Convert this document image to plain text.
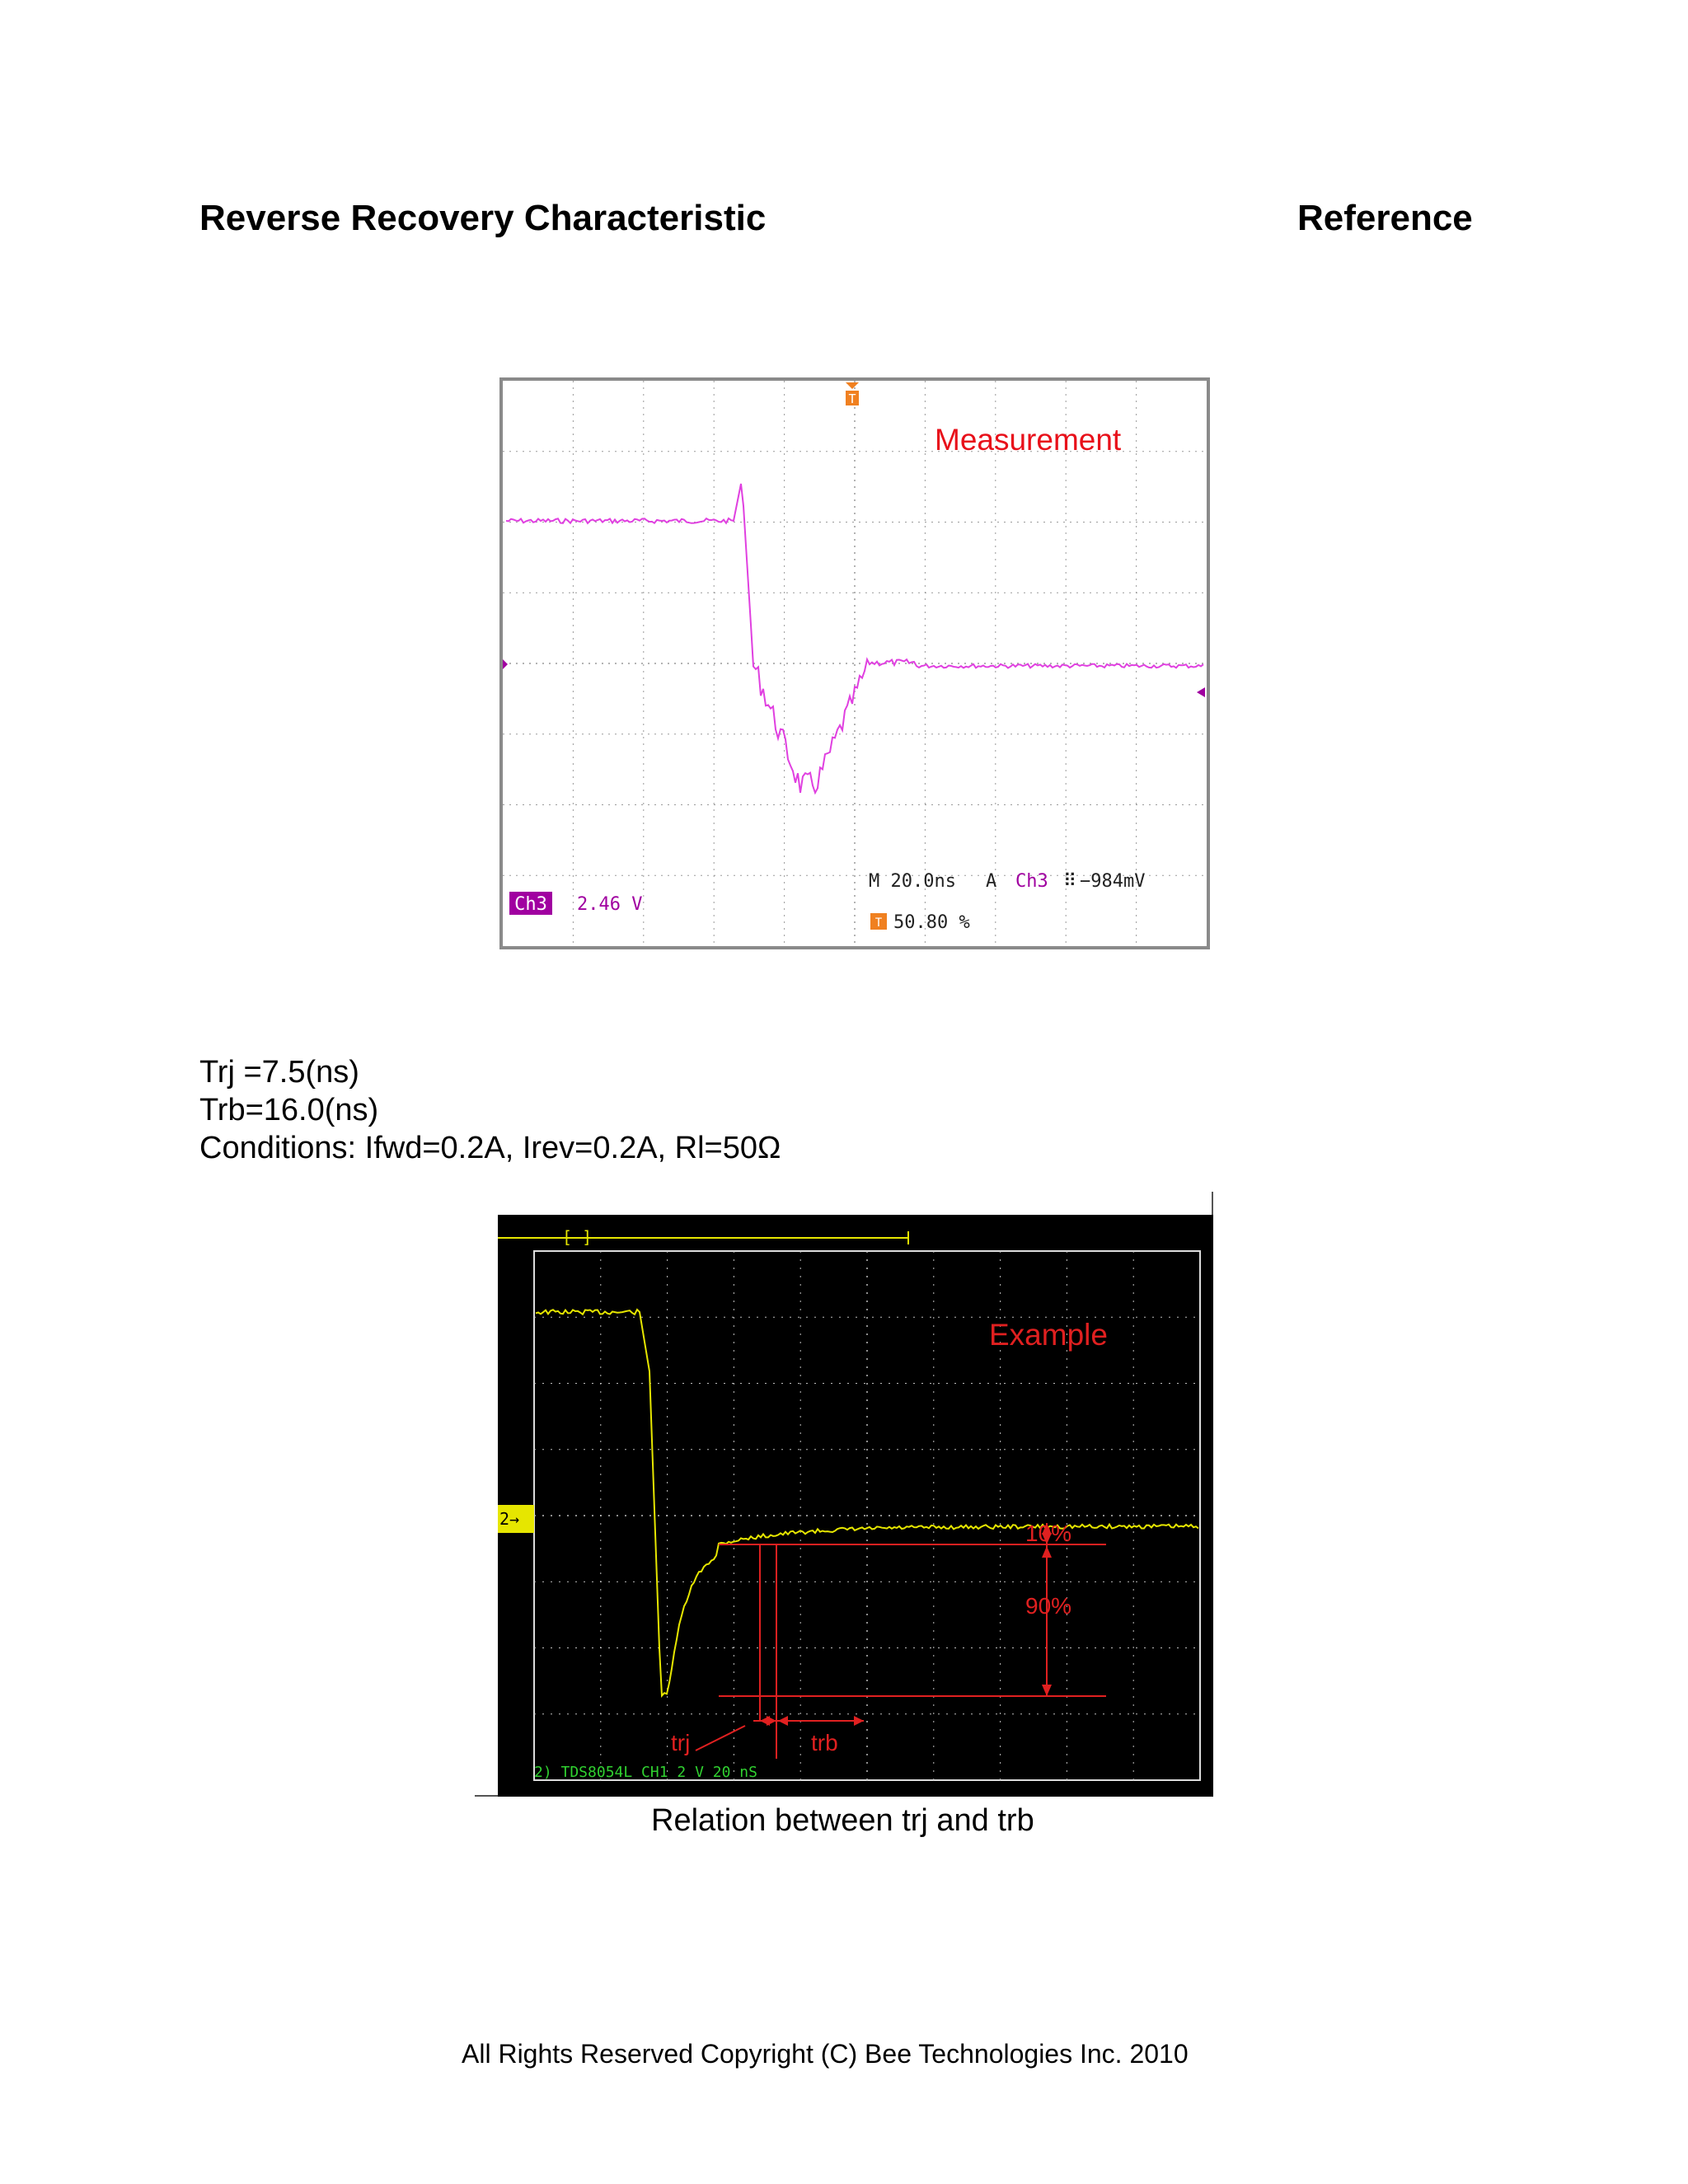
Reverse Recovery Characteristic	Reference
T
Measurement
Ch3 2.46 V
M 20.0ns A Ch3 ⠿ −984mV
T 50.80 %
Trj =7.5(ns)
Trb=16.0(ns)
Conditions: Ifwd=0.2A, Irev=0.2A, Rl=50Ω
[ ]
2→
Example
10%
90%
trj	trb
2) TDS8054L CH1 2 V 20 nS
Relation between trj and trb
All Rights Reserved Copyright (C) Bee Technologies Inc. 2010
